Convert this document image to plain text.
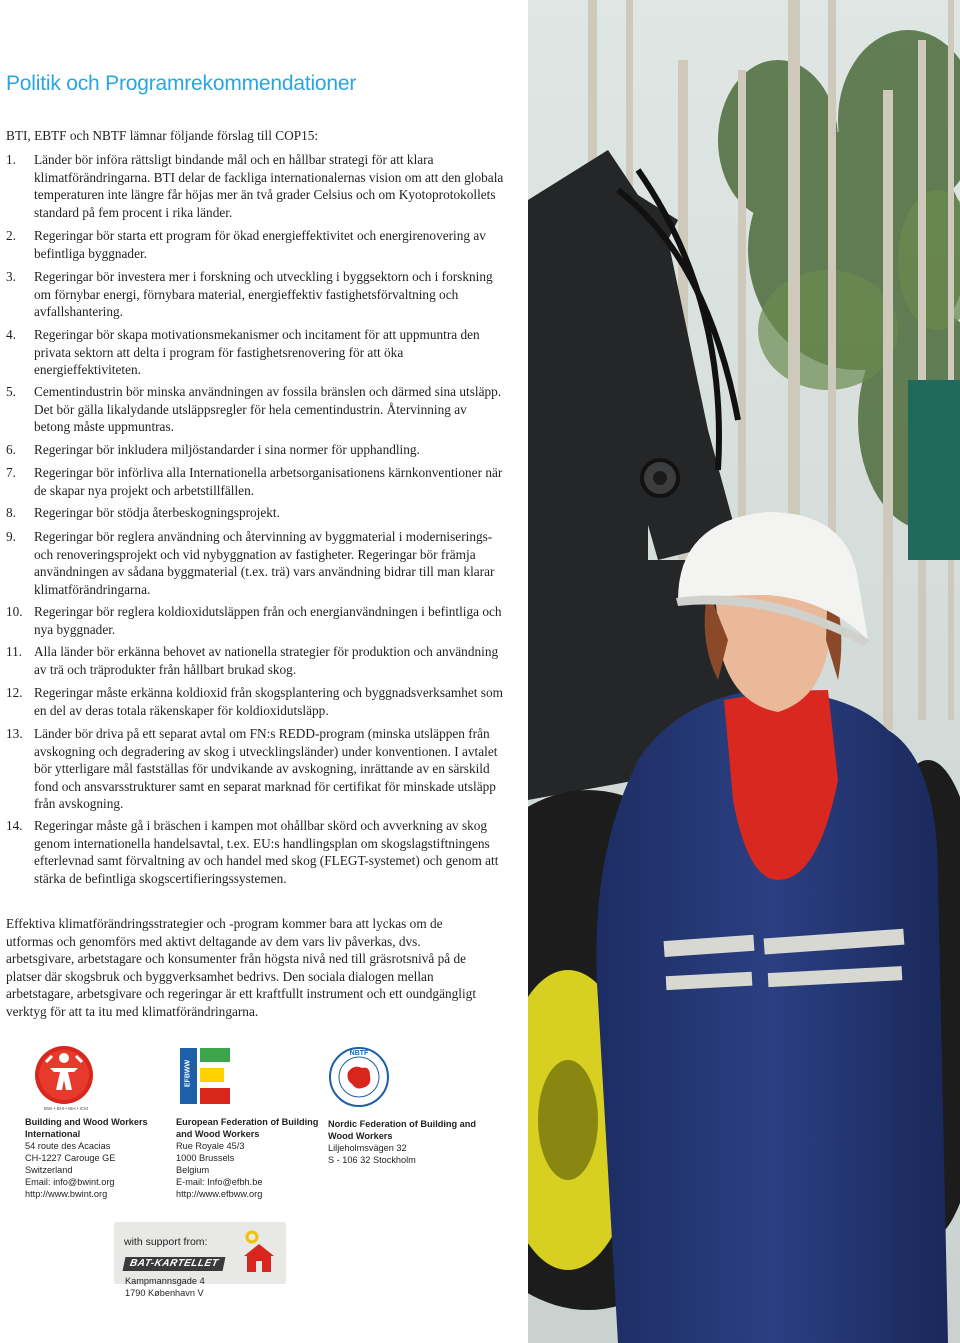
Politik och Programrekommendationer
BTI, EBTF och NBTF lämnar följande förslag till COP15:
1. Länder bör införa rättsligt bindande mål och en hållbar strategi för att klara klimatförändringarna. BTI delar de fackliga internationalernas vision om att den globala temperaturen inte längre får höjas mer än två grader Celsius och om Kyotoprotokollets standard på fem procent i rika länder.
2. Regeringar bör starta ett program för ökad energieffektivitet och energirenovering av befintliga byggnader.
3. Regeringar bör investera mer i forskning och utveckling i byggsektorn och i forskning om förnybar energi, förnybara material, energieffektiv fastighetsförvaltning och avfallshantering.
4. Regeringar bör skapa motivationsmekanismer och incitament för att uppmuntra den privata sektorn att delta i program för fastighetsrenovering för att öka energieffektiviteten.
5. Cementindustrin bör minska användningen av fossila bränslen och därmed sina utsläpp. Det bör gälla likalydande utsläppsregler för hela cementindustrin. Återvinning av betong måste uppmuntras.
6. Regeringar bör inkludera miljöstandarder i sina normer för upphandling.
7. Regeringar bör införliva alla Internationella arbetsorganisationens kärnkonventioner när de skapar nya projekt och arbetstillfällen.
8. Regeringar bör stödja återbeskogningsprojekt.
9. Regeringar bör reglera användning och återvinning av byggmaterial i moderniserings- och renoveringsprojekt och vid nybyggnation av fastigheter. Regeringar bör främja användningen av sådana byggmaterial (t.ex. trä) vars användning bidrar till man klarar klimatförändringarna.
10. Regeringar bör reglera koldioxidutsläppen från och energianvändningen i befintliga och nya byggnader.
11. Alla länder bör erkänna behovet av nationella strategier för produktion och användning av trä och träprodukter från hållbart brukad skog.
12. Regeringar måste erkänna koldioxid från skogsplantering och byggnadsverksamhet som en del av deras totala räkenskaper för koldioxidutsläpp.
13. Länder bör driva på ett separat avtal om FN:s REDD-program (minska utsläppen från avskogning och degradering av skog i utvecklingsländer) under konventionen. I avtalet bör ytterligare mål fastställas för undvikande av avskogning, inrättande av en särskild fond och ansvarsstrukturer samt en separat marknad för certifikat för minskade utsläpp från avskogning.
14. Regeringar måste gå i bräschen i kampen mot ohållbar skörd och avverkning av skog genom internationella handelsavtal, t.ex. EU:s handlingsplan om skogslagstiftningens efterlevnad samt förvaltning av och handel med skog (FLEGT-systemet) och genom att stärka de befintliga skogscertifieringssystemen.
Effektiva klimatförändringsstrategier och -program kommer bara att lyckas om de utformas och genomförs med aktivt deltagande av dem vars liv påverkas, dvs. arbetsgivare, arbetstagare och konsumenter från högsta nivå ned till gräsrotsnivå på de platser där skogsbruk och byggverksamhet bedrivs. Den sociala dialogen mellan arbetstagare, arbetsgivare och regeringar är ett kraftfullt instrument och ett oundgängligt verktyg för att ta itu med klimatförändringarna.
BWI • BHI • IBH • ICM
EFBWW
NBTF
Building and Wood Workers International
54 route des Acacias
CH-1227 Carouge GE
Switzerland
Email: info@bwint.org
http://www.bwint.org
European Federation of Building and Wood Workers
Rue Royale 45/3
1000 Brussels
Belgium
E-mail: Info@efbh.be
http://www.efbww.org
Nordic Federation of Building and Wood Workers
Liljeholmsvägen 32
S - 106 32 Stockholm
with support from:
BAT-KARTELLET
Kampmannsgade 4
1790 København V
